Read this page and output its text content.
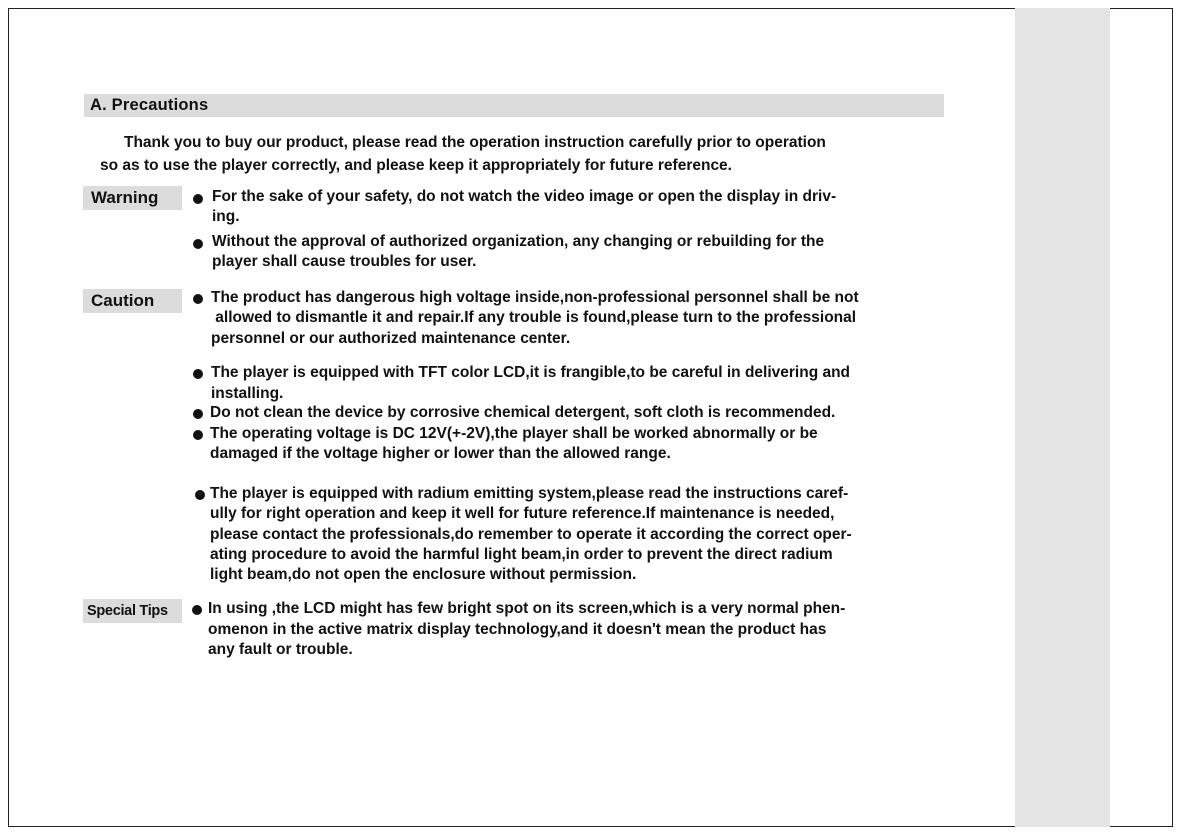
A. Precautions
Thank you to buy our product, please read the operation instruction carefully prior to operation
so as to use the player correctly, and please keep it appropriately for future reference.
Warning
Caution
Special Tips
For the sake of your safety, do not watch the video image or open the display in driv-
ing.
Without the approval of authorized organization, any changing or rebuilding for the
player shall cause troubles for user.
The product has dangerous high voltage inside,non-professional personnel shall be not
allowed to dismantle it and repair.If any trouble is found,please turn to the professional
personnel or our authorized maintenance center.
The player is equipped with TFT color LCD,it is frangible,to be careful in delivering and
installing.
Do not clean the device by corrosive chemical detergent, soft cloth is recommended.
The operating voltage is DC 12V(+-2V),the player shall be worked abnormally or be
damaged if the voltage higher or lower than the allowed range.
The player is equipped with radium emitting system,please read the instructions caref-
ully for right operation and keep it well for future reference.If maintenance is needed,
please contact the professionals,do remember to operate it according the correct oper-
ating procedure to avoid the harmful light beam,in order to prevent the direct radium
light beam,do not open the enclosure without permission.
In using ,the LCD might has few bright spot on its screen,which is a very normal phen-
omenon in the active matrix display technology,and it doesn't mean the product has
any fault or trouble.
